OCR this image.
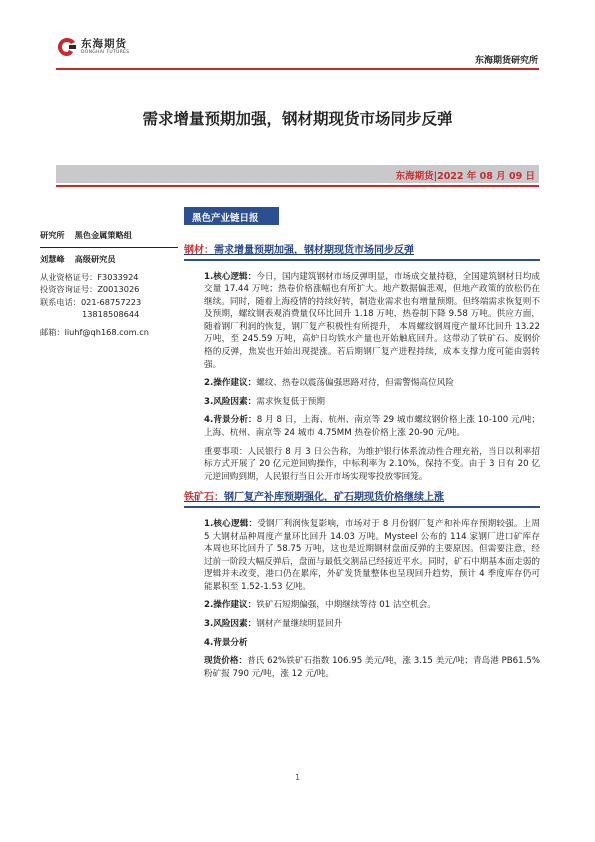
东海期货
DONGHAI FUTURES
东海期货研究所
需求增量预期加强，钢材期现货市场同步反弹
东海期货|2022 年 08 月 09 日
黑色产业链日报
研究所 黑色金属策略组
刘慧峰 高级研究员
从业资格证号：F3033924
投资咨询证号：Z0013026
联系电话：021-68757223
13818508644
邮箱：liuhf@qh168.com.cn
钢材：需求增量预期加强，钢材期现货市场同步反弹
1.核心逻辑：今日，国内建筑钢材市场反弹明显，市场成交量持稳，全国建筑钢材日均成交量 17.44 万吨；热卷价格涨幅也有所扩大。地产数据偏悲观，但地产政策的放松仍在继续。同时，随着上海疫情的持续好转，制造业需求也有增量预期。但终端需求恢复则不及预期，螺纹钢表观消费量仅环比回升 1.18 万吨，热卷制下降 9.58 万吨。供应方面，随着钢厂利润的恢复，钢厂复产积极性有所提升， 本周螺纹钢周度产量环比回升 13.22 万吨，至 245.59 万吨，高炉日均铁水产量也开始触底回升。这带动了铁矿石、废钢价格的反弹，焦炭也开始出现提涨。若后期钢厂复产进程持续，成本支撑力度可能由弱转强。
2.操作建议：螺纹、热卷以震荡偏强思路对待，但需警惕高位风险
3.风险因素：需求恢复低于预期
4.背景分析：8 月 8 日，上海、杭州、南京等 29 城市螺纹钢价格上涨 10-100 元/吨；上海、杭州、南京等 24 城市 4.75MM 热卷价格上涨 20-90 元/吨。
重要事项：人民银行 8 月 3 日公告称，为维护银行体系流动性合理充裕，当日以利率招标方式开展了 20 亿元逆回购操作，中标利率为 2.10%，保持不变。由于 3 日有 20 亿元逆回购到期，人民银行当日公开市场实现零投放零回笼。
铁矿石：钢厂复产补库预期强化，矿石期现货价格继续上涨
1.核心逻辑：受钢厂利润恢复影响，市场对于 8 月份钢厂复产和补库存预期较强。上周 5 大钢材品种周度产量环比回升 14.03 万吨。Mysteel 公布的 114 家钢厂进口矿库存本周也环比回升了 58.75 万吨，这也是近期钢材盘面反弹的主要原因。但需要注意，经过前一阶段大幅反弹后，盘面与最低交割品已经接近平水。同时，矿石中期基本面走弱的逻辑并未改变，港口仍在累库，外矿发货量整体也呈现回升趋势，预计 4 季度库存仍可能累积至 1.52-1.53 亿吨。
2.操作建议：铁矿石短期偏强，中期继续等待 01 沽空机会。
3.风险因素：钢材产量继续明显回升
4.背景分析
现货价格：普氏 62%铁矿石指数 106.95 美元/吨，涨 3.15 美元/吨；青岛港 PB61.5%粉矿报 790 元/吨，涨 12 元/吨。
1
